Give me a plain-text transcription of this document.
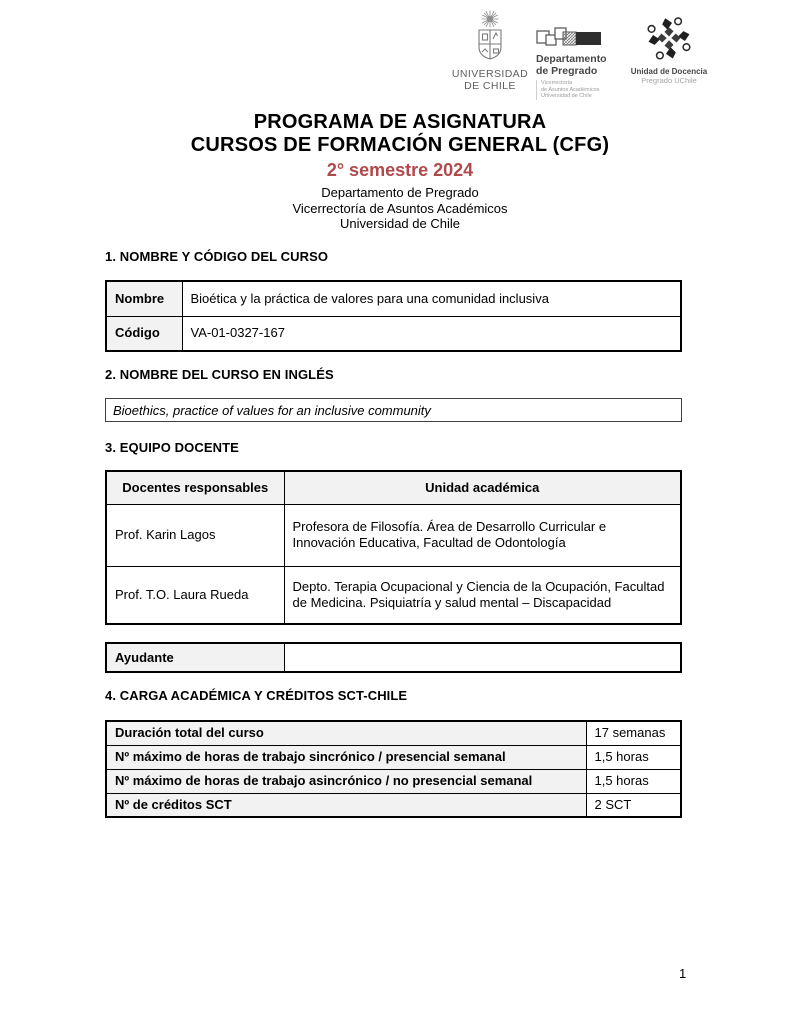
UNIVERSIDAD
DE CHILE
Departamento
de Pregrado
Vicerrectoría
de Asuntos Académicos
Universidad de Chile
Unidad de Docencia
Pregrado UChile
PROGRAMA DE ASIGNATURA
CURSOS DE FORMACIÓN GENERAL (CFG)
2° semestre 2024
Departamento de Pregrado
Vicerrectoría de Asuntos Académicos
Universidad de Chile
1. NOMBRE Y CÓDIGO DEL CURSO
Nombre	Bioética y la práctica de valores para una comunidad inclusiva
Código	VA-01-0327-167
2. NOMBRE DEL CURSO EN INGLÉS
Bioethics, practice of values for an inclusive community
3. EQUIPO DOCENTE
Docentes responsables	Unidad académica
Prof. Karin Lagos	Profesora de Filosofía. Área de Desarrollo Curricular e Innovación Educativa, Facultad de Odontología
Prof. T.O. Laura Rueda	Depto. Terapia Ocupacional y Ciencia de la Ocupación, Facultad de Medicina. Psiquiatría y salud mental – Discapacidad
Ayudante	
4. CARGA ACADÉMICA Y CRÉDITOS SCT-CHILE
Duración total del curso	17 semanas
Nº máximo de horas de trabajo sincrónico / presencial semanal	1,5 horas
Nº máximo de horas de trabajo asincrónico / no presencial semanal	1,5 horas
Nº de créditos SCT	2 SCT
1
